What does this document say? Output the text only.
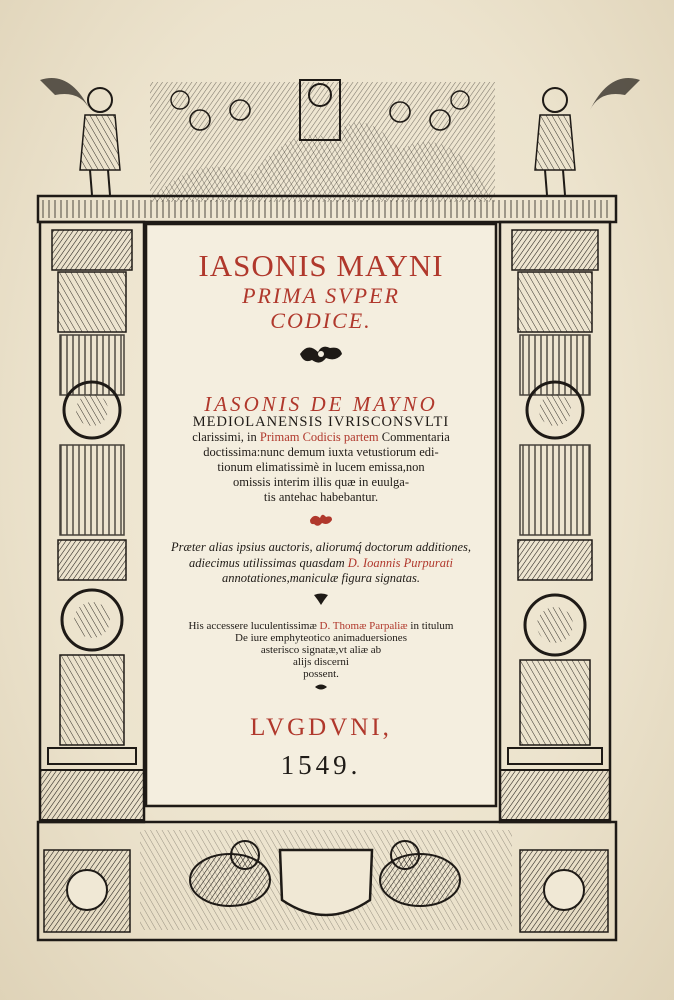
IASONIS MAYNI
PRIMA SVPER
CODICE.
IASONIS DE MAYNO
MEDIOLANENSIS IVRISCONSVLTI
clarissimi, in Primam Codicis partem Commentaria
doctissima:nunc demum iuxta vetustiorum edi-
tionum elimatissimè in lucem emissa,non
omissis interim illis quæ in euulga-
tis antehac habebantur.
Præter alias ipsius auctoris, aliorumq́ doctorum additiones,
adiecimus utilissimas quasdam D. Ioannis Purpurati
annotationes,maniculæ figura signatas.
His accessere luculentissimæ D. Thomæ Parpaliæ in titulum
De iure emphyteotico animaduersiones
asterisco signatæ,vt aliæ ab
alijs discerni
possent.
LVGDVNI,
1549.
